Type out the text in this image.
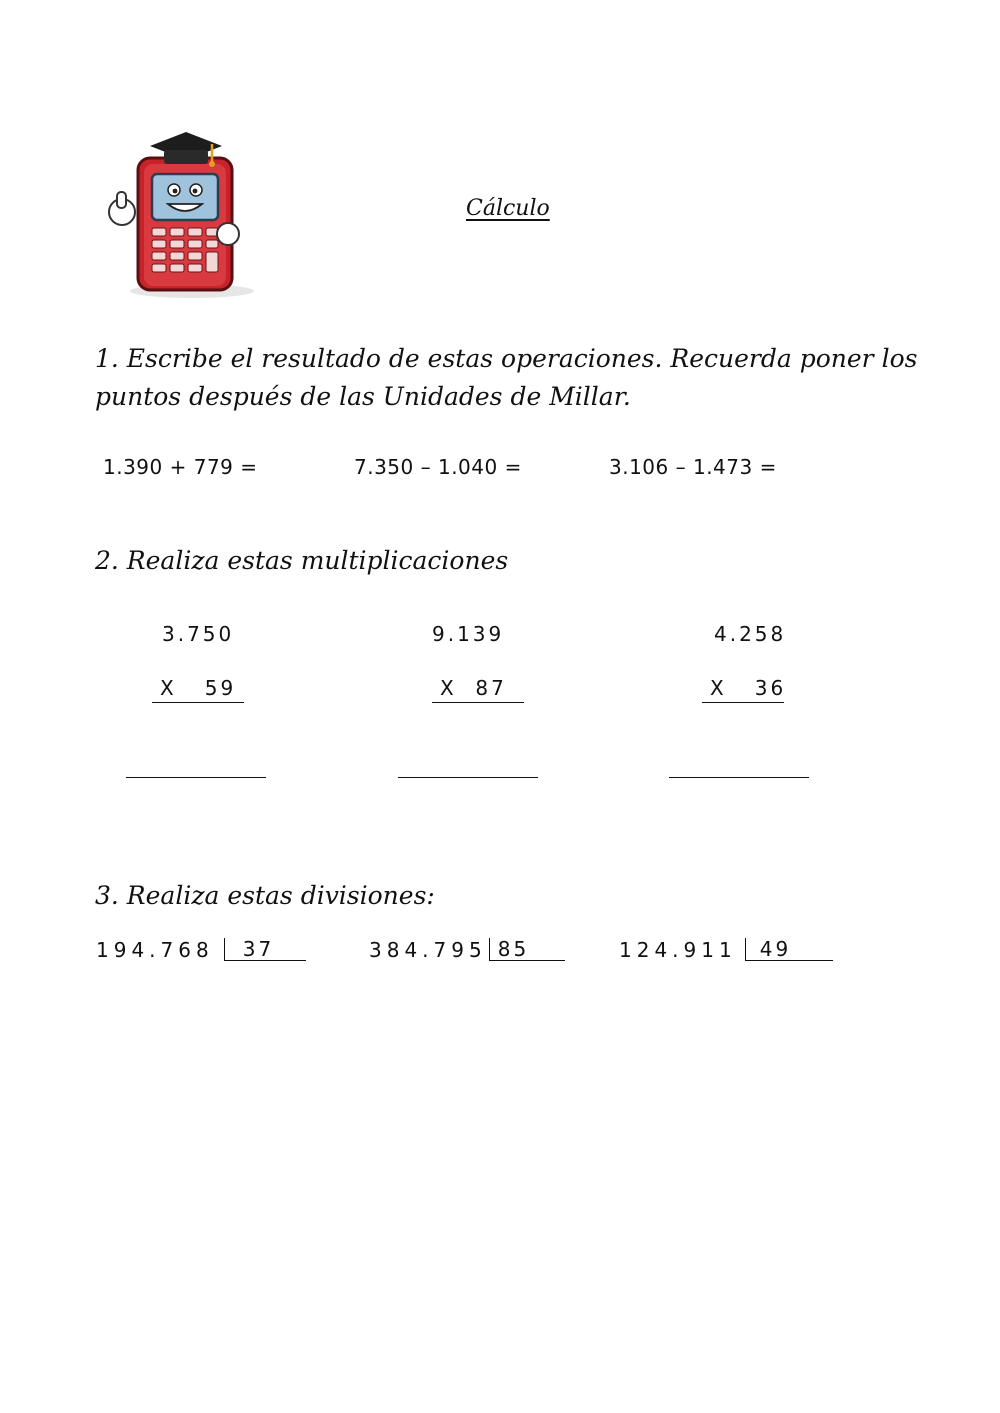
Cálculo
1. Escribe el resultado de estas operaciones. Recuerda poner los
puntos después de las Unidades de Millar.
1.390 + 779 =	7.350 – 1.040 =	3.106 – 1.473 =
2. Realiza estas multiplicaciones
3.750
X   59
9.139
X  87
4.258
X   36
3. Realiza estas divisiones:
194.768	37	384.795 85	124.911	49
